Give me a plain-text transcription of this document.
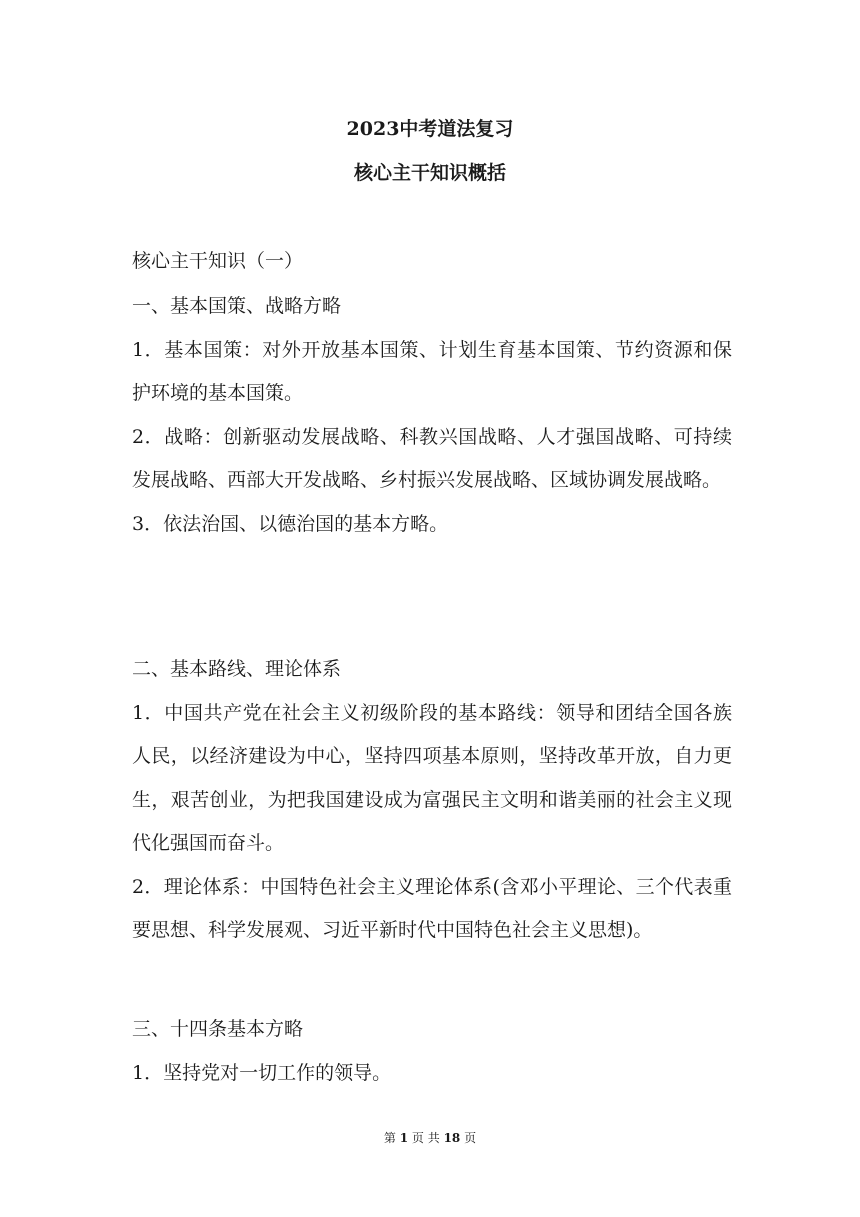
2023中考道法复习
核心主干知识概括

核心主干知识（一）

一、基本国策、战略方略

1．基本国策：对外开放基本国策、计划生育基本国策、节约资源和保护环境的基本国策。

2．战略：创新驱动发展战略、科教兴国战略、人才强国战略、可持续发展战略、西部大开发战略、乡村振兴发展战略、区域协调发展战略。

3．依法治国、以德治国的基本方略。

二、基本路线、理论体系

1．中国共产党在社会主义初级阶段的基本路线：领导和团结全国各族人民，以经济建设为中心，坚持四项基本原则，坚持改革开放，自力更生，艰苦创业，为把我国建设成为富强民主文明和谐美丽的社会主义现代化强国而奋斗。

2．理论体系：中国特色社会主义理论体系(含邓小平理论、三个代表重要思想、科学发展观、习近平新时代中国特色社会主义思想)。

三、十四条基本方略

1．坚持党对一切工作的领导。

第 1 页 共 18 页
